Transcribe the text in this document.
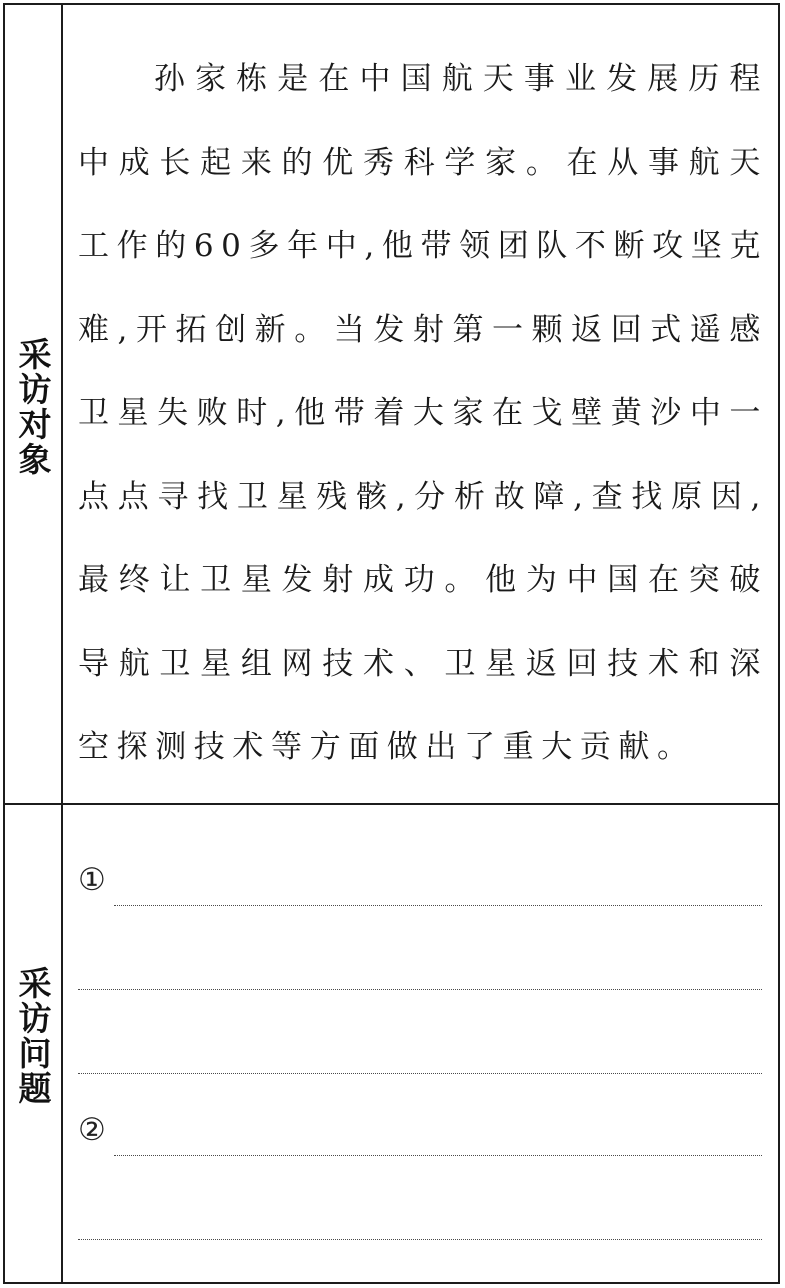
采访对象

孙家栋是在中国航天事业发展历程中成长起来的优秀科学家。在从事航天工作的60多年中,他带领团队不断攻坚克难,开拓创新。当发射第一颗返回式遥感卫星失败时,他带着大家在戈壁黄沙中一点点寻找卫星残骸,分析故障,查找原因,最终让卫星发射成功。他为中国在突破导航卫星组网技术、卫星返回技术和深空探测技术等方面做出了重大贡献。

采访问题
①
②
